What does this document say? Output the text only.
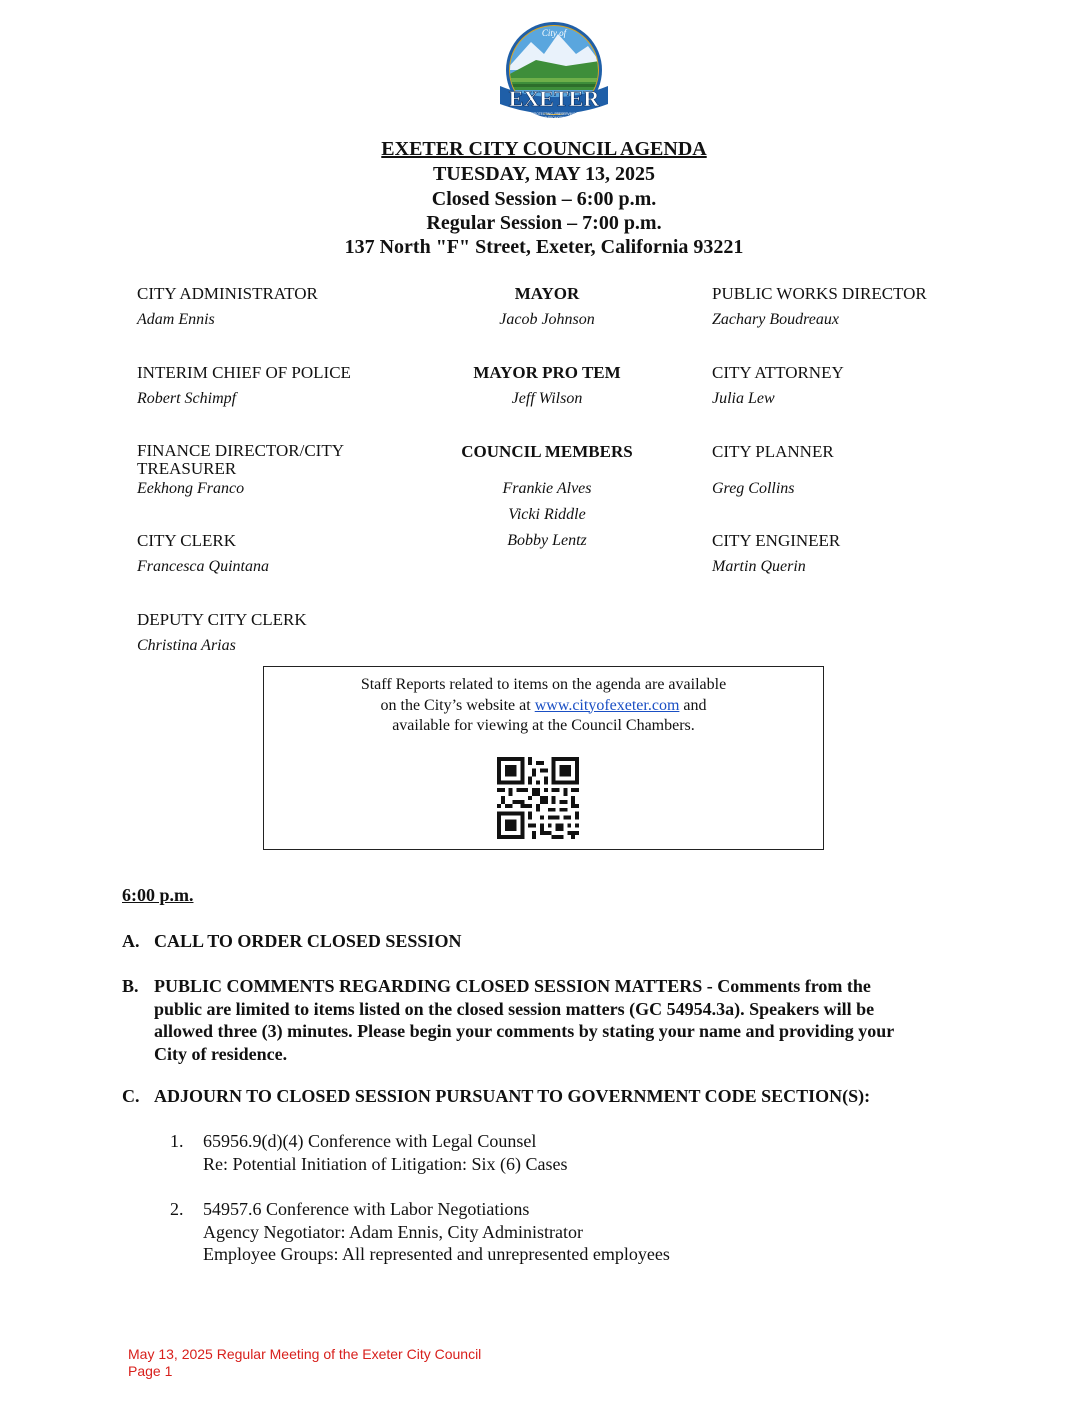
City of
EXETER
PROTECTING, PRESERVING,
AND PROMOTING
SMALL TOWN AMERICA
EXETER CITY COUNCIL AGENDA
TUESDAY, MAY 13, 2025
Closed Session – 6:00 p.m.
Regular Session – 7:00 p.m.
137 North "F" Street, Exeter, California 93221
CITY ADMINISTRATOR
Adam Ennis
INTERIM CHIEF OF POLICE
Robert Schimpf
FINANCE DIRECTOR/CITY TREASURER
Eekhong Franco
CITY CLERK
Francesca Quintana
DEPUTY CITY CLERK
Christina Arias
MAYOR
Jacob Johnson
MAYOR PRO TEM
Jeff Wilson
COUNCIL MEMBERS
Frankie Alves
Vicki Riddle
Bobby Lentz
PUBLIC WORKS DIRECTOR
Zachary Boudreaux
CITY ATTORNEY
Julia Lew
CITY PLANNER
Greg Collins
CITY ENGINEER
Martin Querin
Staff Reports related to items on the agenda are available
on the City’s website at www.cityofexeter.com and
available for viewing at the Council Chambers.
6:00 p.m.
A. CALL TO ORDER CLOSED SESSION
B. PUBLIC COMMENTS REGARDING CLOSED SESSION MATTERS - Comments from the
public are limited to items listed on the closed session matters (GC 54954.3a). Speakers will be
allowed three (3) minutes. Please begin your comments by stating your name and providing your
City of residence.
C. ADJOURN TO CLOSED SESSION PURSUANT TO GOVERNMENT CODE SECTION(S):
1.	65956.9(d)(4) Conference with Legal Counsel
Re: Potential Initiation of Litigation: Six (6) Cases
2.	54957.6 Conference with Labor Negotiations
Agency Negotiator: Adam Ennis, City Administrator
Employee Groups: All represented and unrepresented employees
May 13, 2025 Regular Meeting of the Exeter City Council
Page 1
